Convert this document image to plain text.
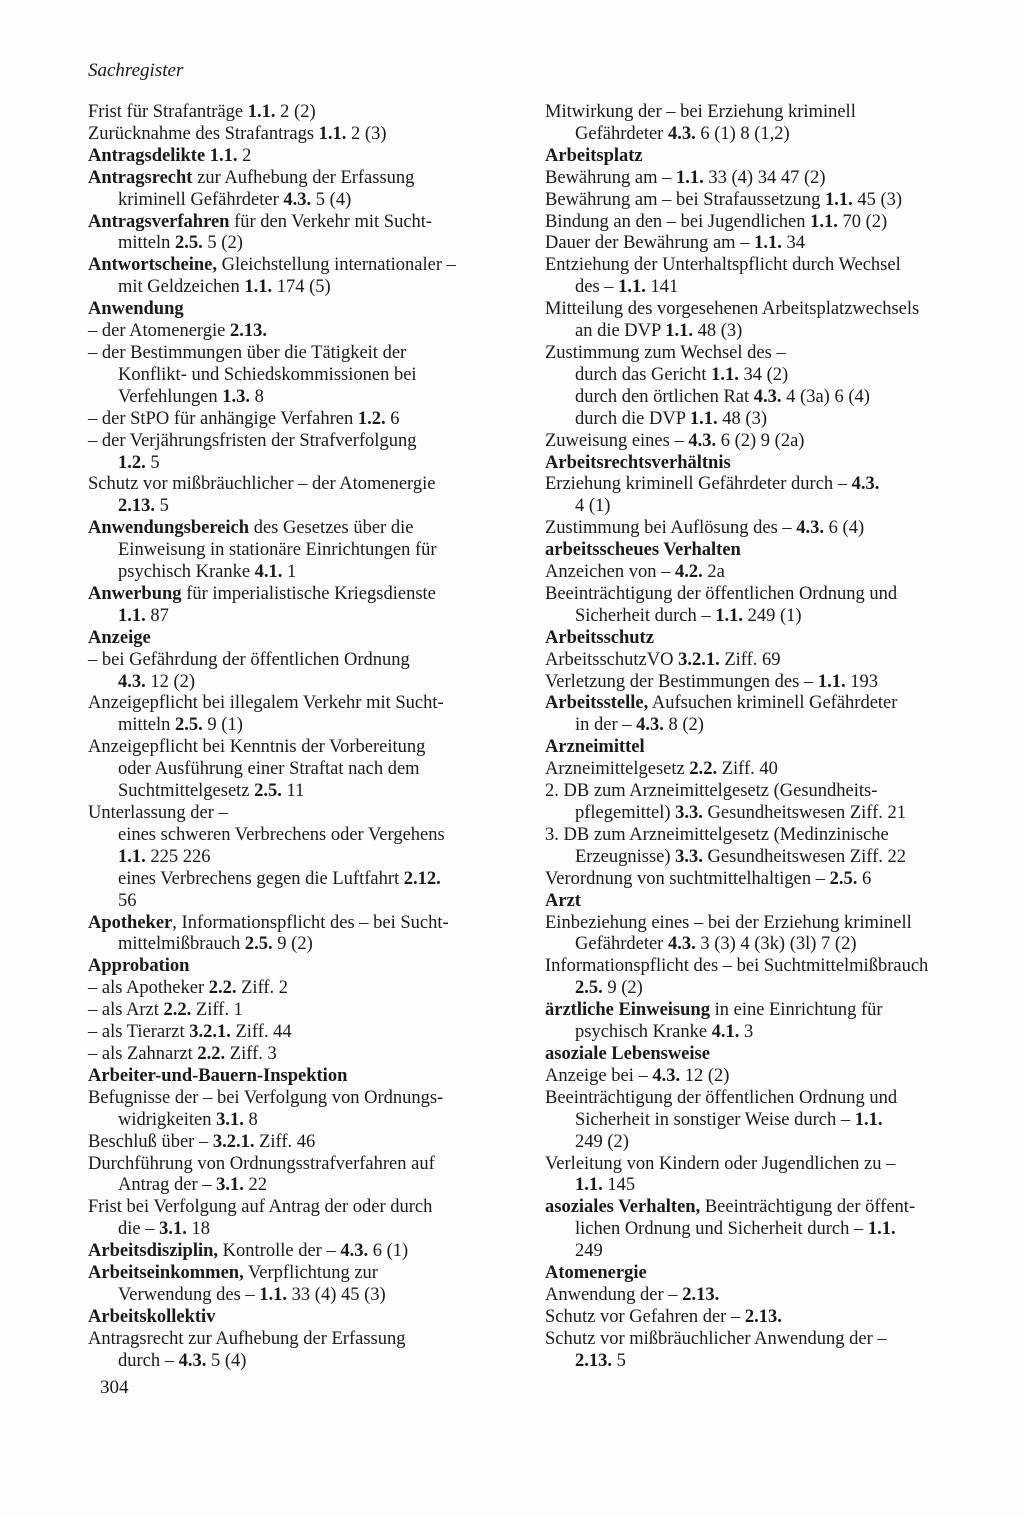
Sachregister
Frist für Strafanträge 1.1. 2 (2)
Zurücknahme des Strafantrags 1.1. 2 (3)
Antragsdelikte 1.1. 2
Antragsrecht zur Aufhebung der Erfassung
kriminell Gefährdeter 4.3. 5 (4)
Antragsverfahren für den Verkehr mit Sucht-
mitteln 2.5. 5 (2)
Antwortscheine, Gleichstellung internationaler –
mit Geldzeichen 1.1. 174 (5)
Anwendung
– der Atomenergie 2.13.
– der Bestimmungen über die Tätigkeit der
Konflikt- und Schiedskommissionen bei
Verfehlungen 1.3. 8
– der StPO für anhängige Verfahren 1.2. 6
– der Verjährungsfristen der Strafverfolgung
1.2. 5
Schutz vor mißbräuchlicher – der Atomenergie
2.13. 5
Anwendungsbereich des Gesetzes über die
Einweisung in stationäre Einrichtungen für
psychisch Kranke 4.1. 1
Anwerbung für imperialistische Kriegsdienste
1.1. 87
Anzeige
– bei Gefährdung der öffentlichen Ordnung
4.3. 12 (2)
Anzeigepflicht bei illegalem Verkehr mit Sucht-
mitteln 2.5. 9 (1)
Anzeigepflicht bei Kenntnis der Vorbereitung
oder Ausführung einer Straftat nach dem
Suchtmittelgesetz 2.5. 11
Unterlassung der –
eines schweren Verbrechens oder Vergehens
1.1. 225 226
eines Verbrechens gegen die Luftfahrt 2.12.
56
Apotheker, Informationspflicht des – bei Sucht-
mittelmißbrauch 2.5. 9 (2)
Approbation
– als Apotheker 2.2. Ziff. 2
– als Arzt 2.2. Ziff. 1
– als Tierarzt 3.2.1. Ziff. 44
– als Zahnarzt 2.2. Ziff. 3
Arbeiter-und-Bauern-Inspektion
Befugnisse der – bei Verfolgung von Ordnungs-
widrigkeiten 3.1. 8
Beschluß über – 3.2.1. Ziff. 46
Durchführung von Ordnungsstrafverfahren auf
Antrag der – 3.1. 22
Frist bei Verfolgung auf Antrag der oder durch
die – 3.1. 18
Arbeitsdisziplin, Kontrolle der – 4.3. 6 (1)
Arbeitseinkommen, Verpflichtung zur
Verwendung des – 1.1. 33 (4) 45 (3)
Arbeitskollektiv
Antragsrecht zur Aufhebung der Erfassung
durch – 4.3. 5 (4)
Mitwirkung der – bei Erziehung kriminell
Gefährdeter 4.3. 6 (1) 8 (1,2)
Arbeitsplatz
Bewährung am – 1.1. 33 (4) 34 47 (2)
Bewährung am – bei Strafaussetzung 1.1. 45 (3)
Bindung an den – bei Jugendlichen 1.1. 70 (2)
Dauer der Bewährung am – 1.1. 34
Entziehung der Unterhaltspflicht durch Wechsel
des – 1.1. 141
Mitteilung des vorgesehenen Arbeitsplatzwechsels
an die DVP 1.1. 48 (3)
Zustimmung zum Wechsel des –
durch das Gericht 1.1. 34 (2)
durch den örtlichen Rat 4.3. 4 (3a) 6 (4)
durch die DVP 1.1. 48 (3)
Zuweisung eines – 4.3. 6 (2) 9 (2a)
Arbeitsrechtsverhältnis
Erziehung kriminell Gefährdeter durch – 4.3.
4 (1)
Zustimmung bei Auflösung des – 4.3. 6 (4)
arbeitsscheues Verhalten
Anzeichen von – 4.2. 2a
Beeinträchtigung der öffentlichen Ordnung und
Sicherheit durch – 1.1. 249 (1)
Arbeitsschutz
ArbeitsschutzVO 3.2.1. Ziff. 69
Verletzung der Bestimmungen des – 1.1. 193
Arbeitsstelle, Aufsuchen kriminell Gefährdeter
in der – 4.3. 8 (2)
Arzneimittel
Arzneimittelgesetz 2.2. Ziff. 40
2. DB zum Arzneimittelgesetz (Gesundheits-
pflegemittel) 3.3. Gesundheitswesen Ziff. 21
3. DB zum Arzneimittelgesetz (Medinzinische
Erzeugnisse) 3.3. Gesundheitswesen Ziff. 22
Verordnung von suchtmittelhaltigen – 2.5. 6
Arzt
Einbeziehung eines – bei der Erziehung kriminell
Gefährdeter 4.3. 3 (3) 4 (3k) (3l) 7 (2)
Informationspflicht des – bei Suchtmittelmißbrauch
2.5. 9 (2)
ärztliche Einweisung in eine Einrichtung für
psychisch Kranke 4.1. 3
asoziale Lebensweise
Anzeige bei – 4.3. 12 (2)
Beeinträchtigung der öffentlichen Ordnung und
Sicherheit in sonstiger Weise durch – 1.1.
249 (2)
Verleitung von Kindern oder Jugendlichen zu –
1.1. 145
asoziales Verhalten, Beeinträchtigung der öffent-
lichen Ordnung und Sicherheit durch – 1.1.
249
Atomenergie
Anwendung der – 2.13.
Schutz vor Gefahren der – 2.13.
Schutz vor mißbräuchlicher Anwendung der –
2.13. 5
304
